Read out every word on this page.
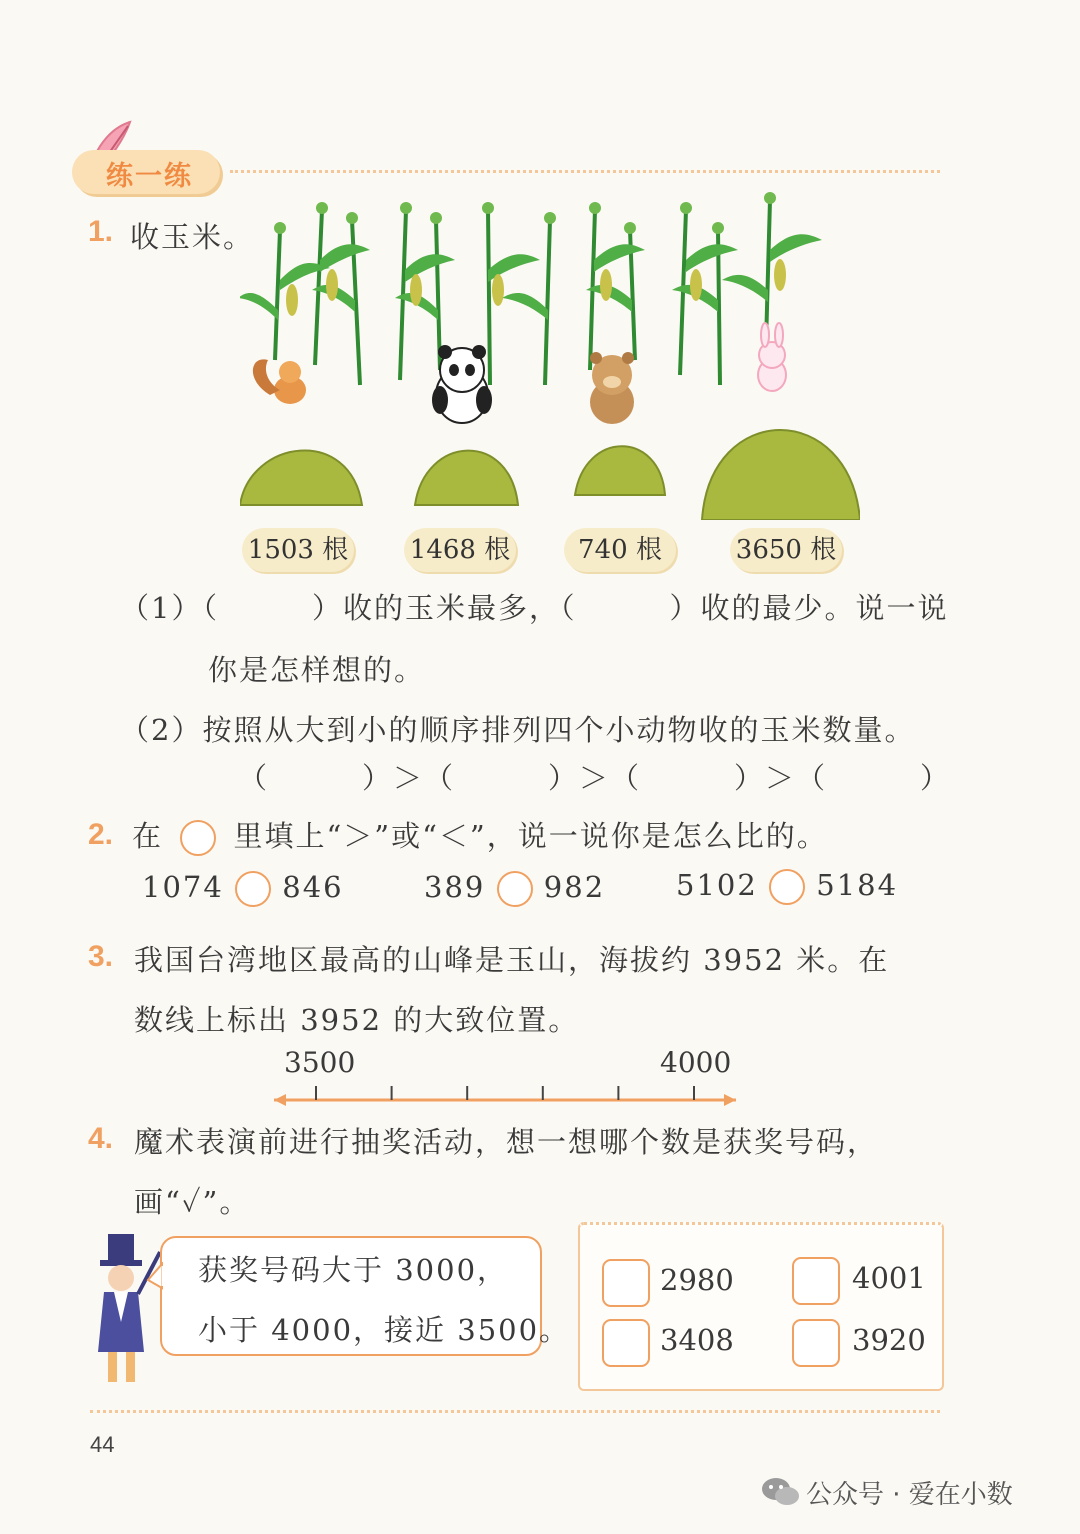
练一练
1. 收玉米。
1503 根 1468 根	740 根	3650 根
（1）（　　　）收的玉米最多，（　　　）收的最少。说一说
你是怎样想的。
（2）按照从大到小的顺序排列四个小动物收的玉米数量。
（　　　）＞（　　　）＞（　　　）＞（　　　）
2. 在 里填上“＞”或“＜”，说一说你是怎么比的。
1074 846	389 982 5102 5184
3. 我国台湾地区最高的山峰是玉山，海拔约 3952 米。在
数线上标出 3952 的大致位置。
3500	4000
4. 魔术表演前进行抽奖活动，想一想哪个数是获奖号码，
画“✓”。
获奖号码大于 3000，
小于 4000，接近 3500。
2980	4001
3408	3920
44
公众号 · 爱在小数
